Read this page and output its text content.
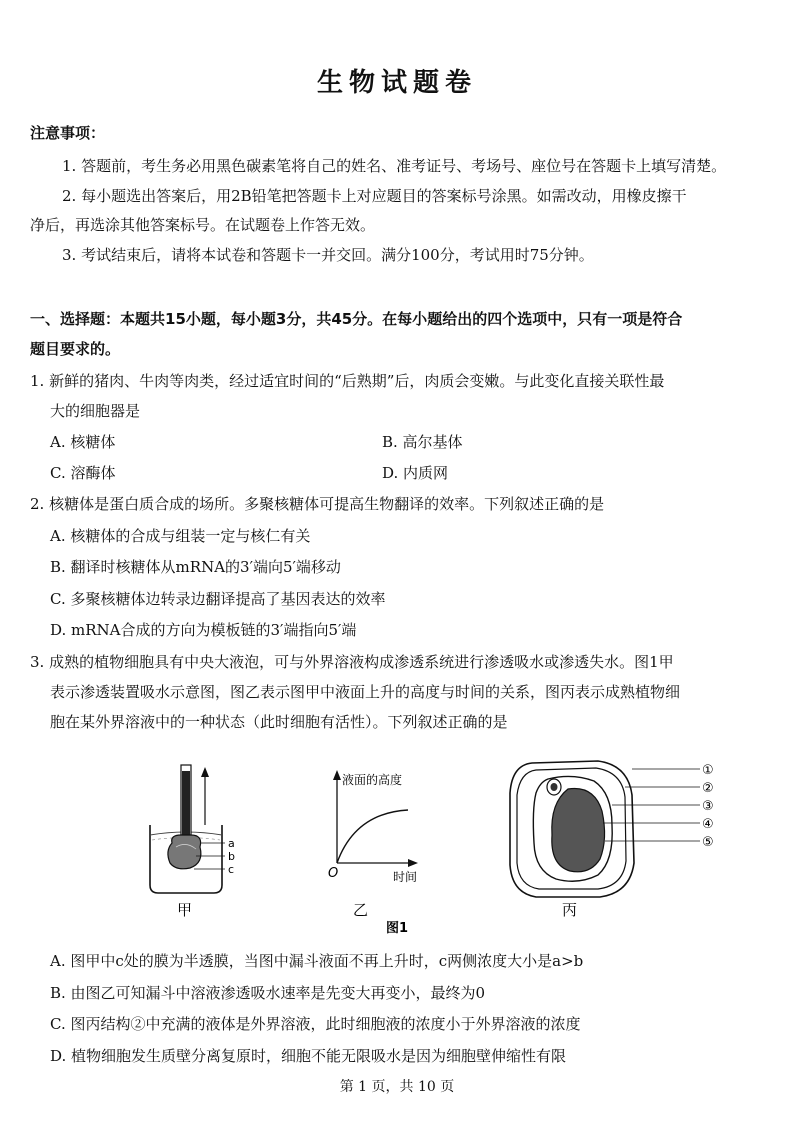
生物试题卷
注意事项：
1. 答题前，考生务必用黑色碳素笔将自己的姓名、准考证号、考场号、座位号在答题卡上填写清楚。
2. 每小题选出答案后，用2B铅笔把答题卡上对应题目的答案标号涂黑。如需改动，用橡皮擦干
净后，再选涂其他答案标号。在试题卷上作答无效。
3. 考试结束后，请将本试卷和答题卡一并交回。满分100分，考试用时75分钟。
一、选择题：本题共15小题，每小题3分，共45分。在每小题给出的四个选项中，只有一项是符合
题目要求的。
1. 新鲜的猪肉、牛肉等肉类，经过适宜时间的“后熟期”后，肉质会变嫩。与此变化直接关联性最
大的细胞器是
A. 核糖体	B. 高尔基体
C. 溶酶体	D. 内质网
2. 核糖体是蛋白质合成的场所。多聚核糖体可提高生物翻译的效率。下列叙述正确的是
A. 核糖体的合成与组装一定与核仁有关
B. 翻译时核糖体从mRNA的3′端向5′端移动
C. 多聚核糖体边转录边翻译提高了基因表达的效率
D. mRNA合成的方向为模板链的3′端指向5′端
3. 成熟的植物细胞具有中央大液泡，可与外界溶液构成渗透系统进行渗透吸水或渗透失水。图1甲
表示渗透装置吸水示意图，图乙表示图甲中液面上升的高度与时间的关系，图丙表示成熟植物细
胞在某外界溶液中的一种状态（此时细胞有活性）。下列叙述正确的是
a
b
c
甲
液面的高度
O	时间
乙
①
②
③
④
⑤
丙
图1
A. 图甲中c处的膜为半透膜，当图中漏斗液面不再上升时，c两侧浓度大小是a>b
B. 由图乙可知漏斗中溶液渗透吸水速率是先变大再变小，最终为0
C. 图丙结构②中充满的液体是外界溶液，此时细胞液的浓度小于外界溶液的浓度
D. 植物细胞发生质壁分离复原时，细胞不能无限吸水是因为细胞壁伸缩性有限
第 1 页，共 10 页
